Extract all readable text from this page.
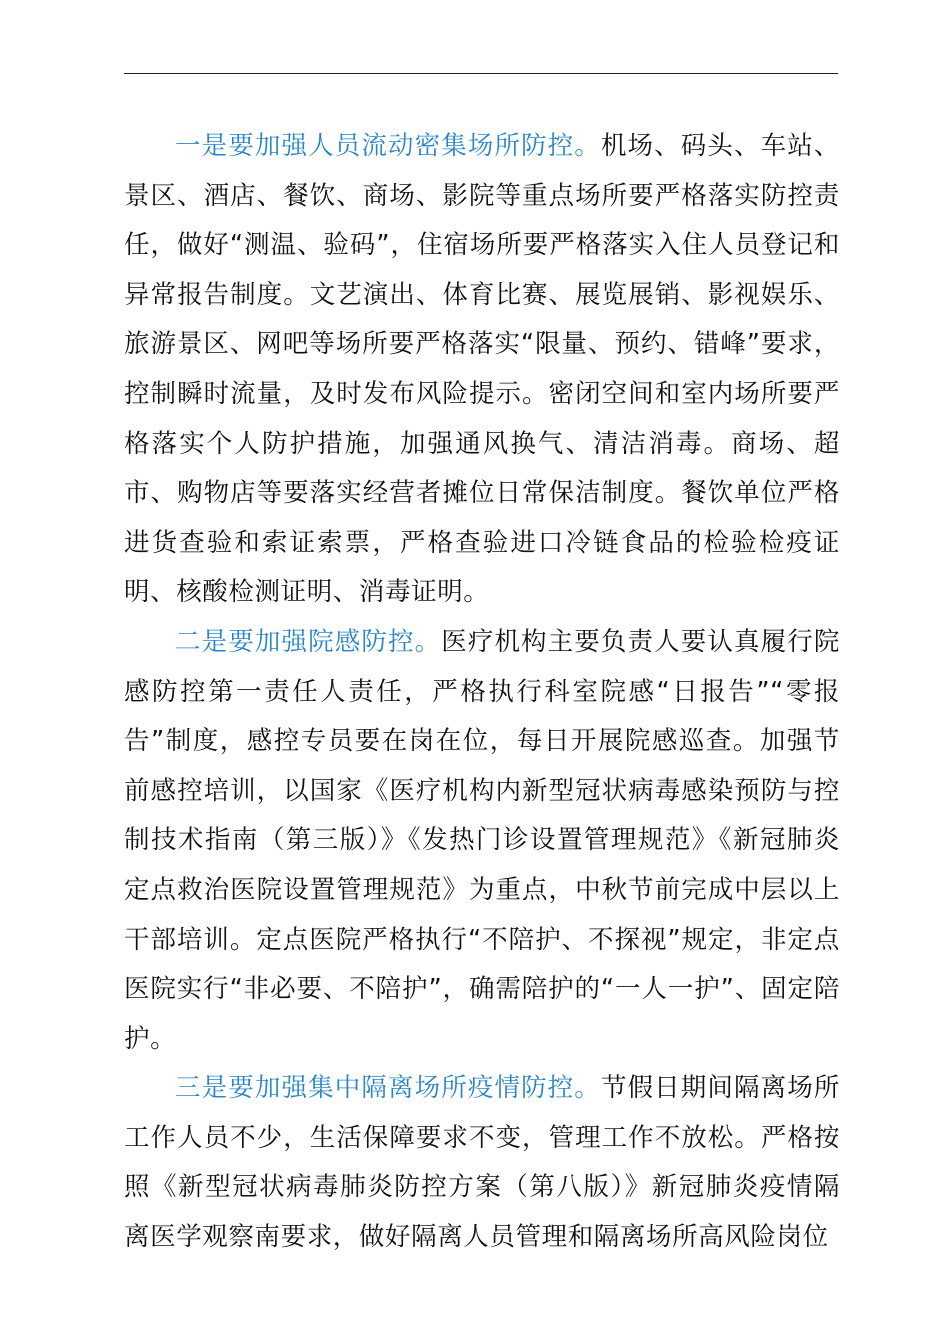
一是要加强人员流动密集场所防控。机场、码头、车站、景区、酒店、餐饮、商场、影院等重点场所要严格落实防控责任，做好“测温、验码”，住宿场所要严格落实入住人员登记和异常报告制度。文艺演出、体育比赛、展览展销、影视娱乐、旅游景区、网吧等场所要严格落实“限量、预约、错峰”要求，控制瞬时流量，及时发布风险提示。密闭空间和室内场所要严格落实个人防护措施，加强通风换气、清洁消毒。商场、超市、购物店等要落实经营者摊位日常保洁制度。餐饮单位严格进货查验和索证索票，严格查验进口冷链食品的检验检疫证明、核酸检测证明、消毒证明。

二是要加强院感防控。医疗机构主要负责人要认真履行院感防控第一责任人责任，严格执行科室院感“日报告”“零报告”制度，感控专员要在岗在位，每日开展院感巡查。加强节前感控培训，以国家《医疗机构内新型冠状病毒感染预防与控制技术指南（第三版）》《发热门诊设置管理规范》《新冠肺炎定点救治医院设置管理规范》为重点，中秋节前完成中层以上干部培训。定点医院严格执行“不陪护、不探视”规定，非定点医院实行“非必要、不陪护”，确需陪护的“一人一护”、固定陪护。

三是要加强集中隔离场所疫情防控。节假日期间隔离场所工作人员不少，生活保障要求不变，管理工作不放松。严格按照《新型冠状病毒肺炎防控方案（第八版）》新冠肺炎疫情隔离医学观察南要求，做好隔离人员管理和隔离场所高风险岗位
